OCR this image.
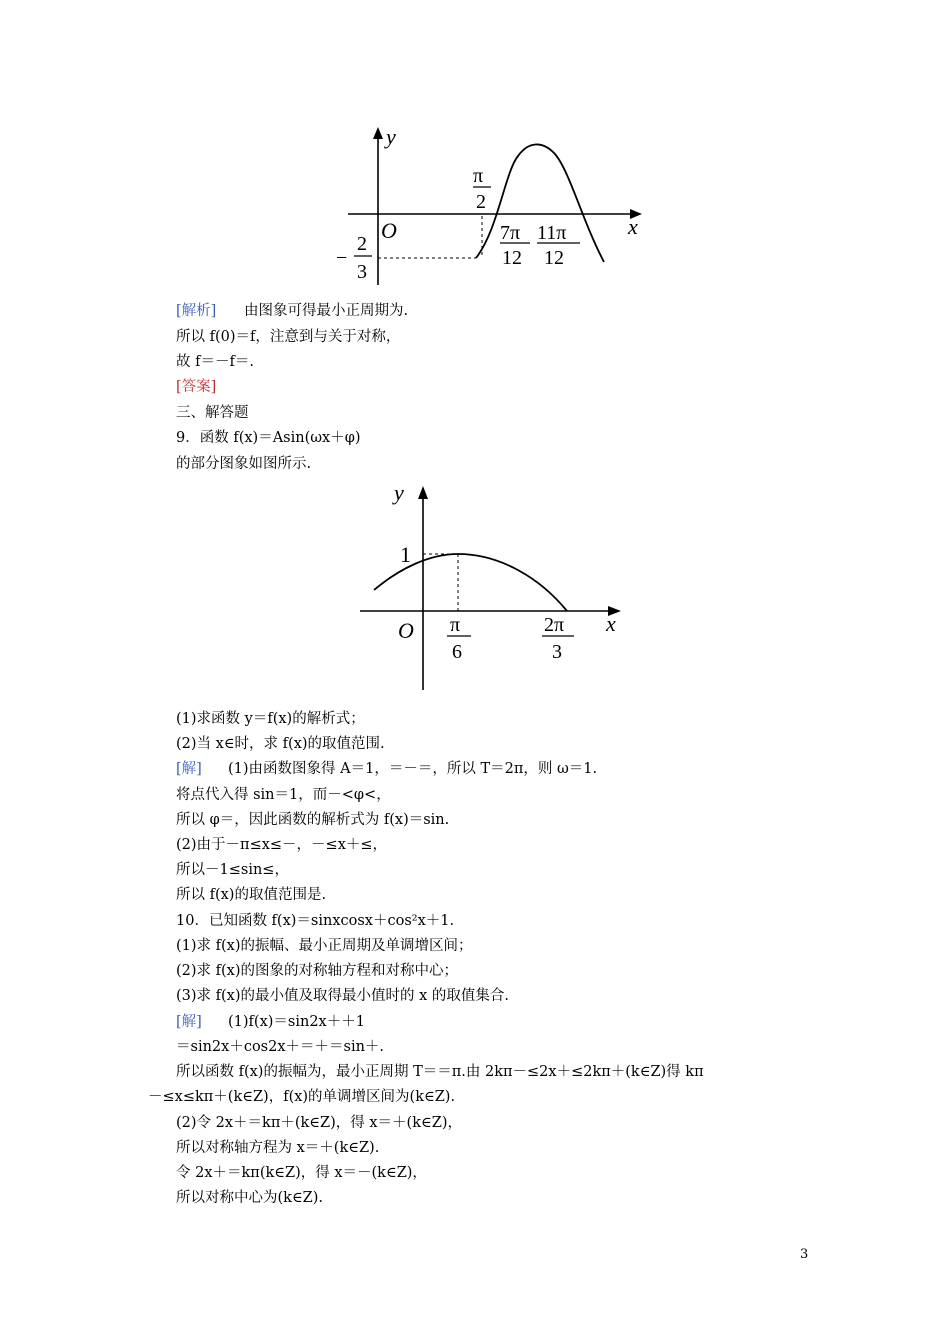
y
x
O
π
2
7π
12
11π
12
−
2
3
[解析] 由图象可得最小正周期为.
所以 f(0)＝f，注意到与关于对称，
故 f＝－f＝.
[答案]
三、解答题
9．函数 f(x)＝Asin(ωx＋φ)
的部分图象如图所示.
y
x
O
1
π
6
2π
3
(1)求函数 y＝f(x)的解析式；
(2)当 x∈时，求 f(x)的取值范围.
[解] (1)由函数图象得 A＝1，＝－＝，所以 T＝2π，则 ω＝1.
将点代入得 sin＝1，而－<φ<，
所以 φ＝，因此函数的解析式为 f(x)＝sin.
(2)由于－π≤x≤－，－≤x＋≤，
所以－1≤sin≤，
所以 f(x)的取值范围是.
10．已知函数 f(x)＝sinxcosx＋cos²x＋1.
(1)求 f(x)的振幅、最小正周期及单调增区间；
(2)求 f(x)的图象的对称轴方程和对称中心；
(3)求 f(x)的最小值及取得最小值时的 x 的取值集合.
[解] (1)f(x)＝sin2x＋＋1
＝sin2x＋cos2x＋＝＋＝sin＋.
所以函数 f(x)的振幅为，最小正周期 T＝＝π.由 2kπ－≤2x＋≤2kπ＋(k∈Z)得 kπ
－≤x≤kπ＋(k∈Z)，f(x)的单调增区间为(k∈Z).
(2)令 2x＋＝kπ＋(k∈Z)，得 x＝＋(k∈Z)，
所以对称轴方程为 x＝＋(k∈Z).
令 2x＋＝kπ(k∈Z)，得 x＝－(k∈Z)，
所以对称中心为(k∈Z).
3
